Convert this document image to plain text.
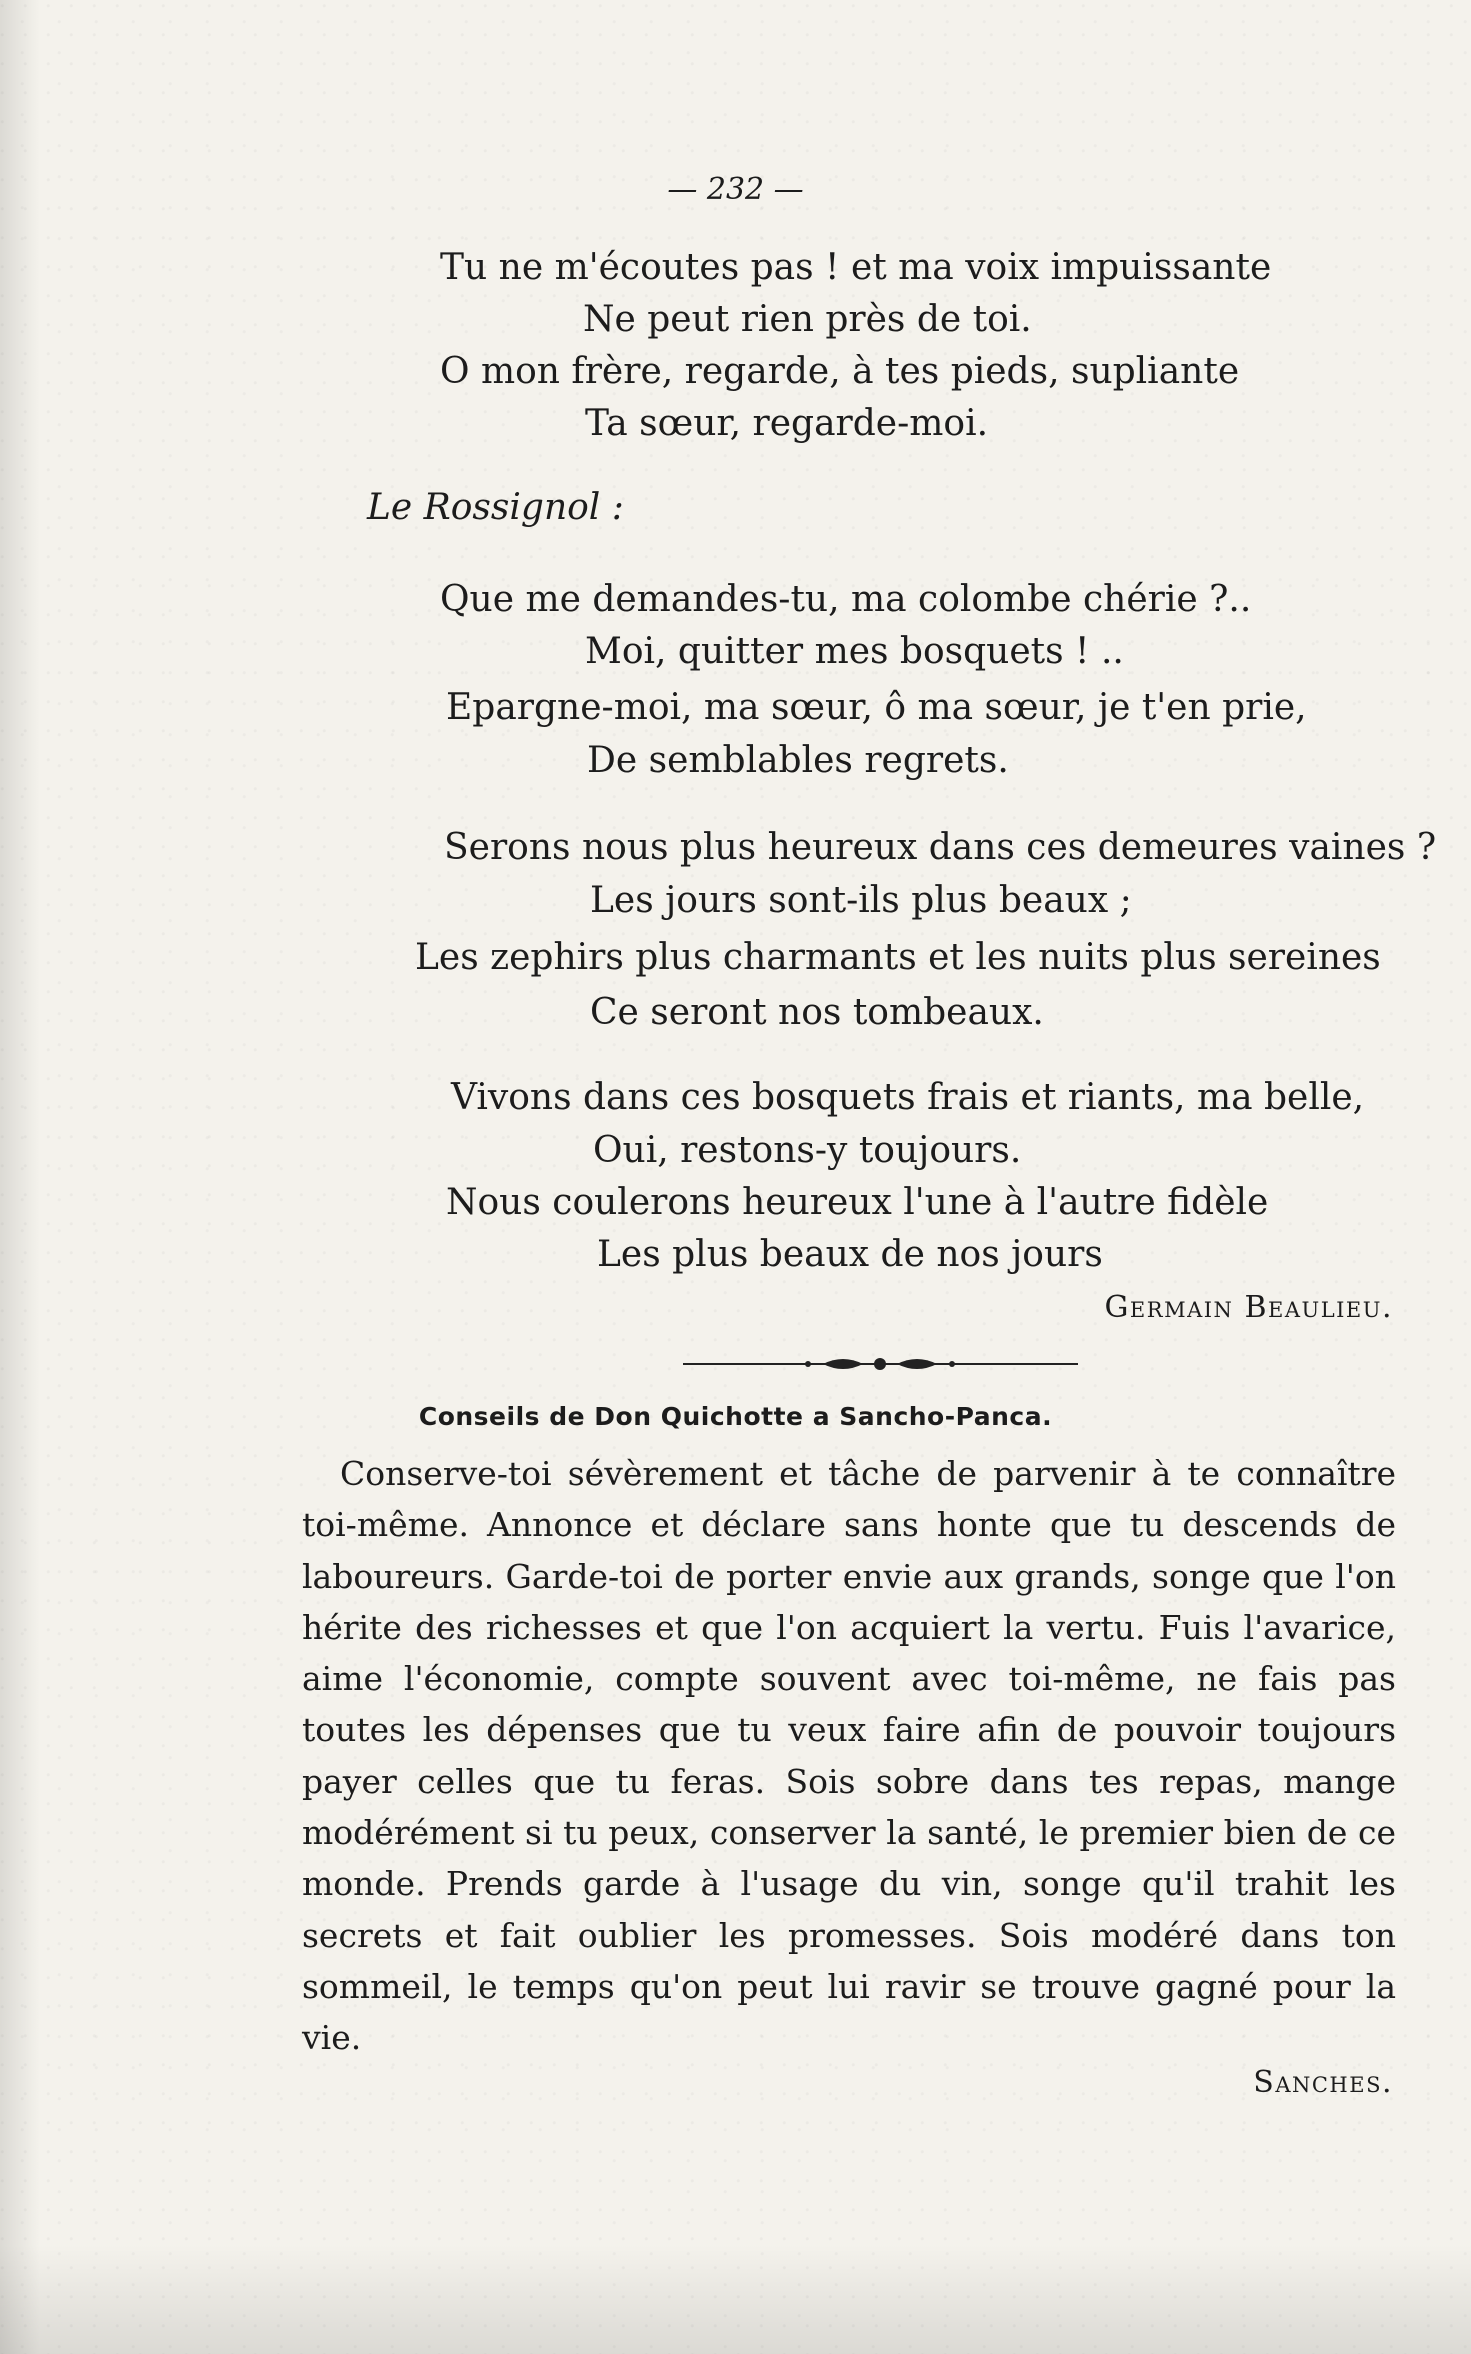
— 232 —
Tu ne m'écoutes pas ! et ma voix impuissante
Ne peut rien près de toi.
O mon frère, regarde, à tes pieds, supliante
Ta sœur, regarde-moi.
Le Rossignol :
Que me demandes-tu, ma colombe chérie ?..
Moi, quitter mes bosquets ! ..
Epargne-moi, ma sœur, ô ma sœur, je t'en prie,
De semblables regrets.
Serons nous plus heureux dans ces demeures vaines ?
Les jours sont-ils plus beaux ;
Les zephirs plus charmants et les nuits plus sereines
Ce seront nos tombeaux.
Vivons dans ces bosquets frais et riants, ma belle,
Oui, restons-y toujours.
Nous coulerons heureux l'une à l'autre fidèle
Les plus beaux de nos jours
Germain Beaulieu.
Conseils de Don Quichotte a Sancho-Panca.

Conserve-toi sévèrement et tâche de parvenir à te connaître toi-même. Annonce et déclare sans honte que tu descends de laboureurs. Garde-toi de porter envie aux grands, songe que l'on hérite des richesses et que l'on acquiert la vertu. Fuis l'avarice, aime l'économie, compte souvent avec toi-même, ne fais pas toutes les dépenses que tu veux faire afin de pouvoir toujours payer celles que tu feras. Sois sobre dans tes repas, mange modérément si tu peux, conserver la santé, le premier bien de ce monde. Prends garde à l'usage du vin, songe qu'il trahit les secrets et fait oublier les promesses. Sois modéré dans ton sommeil, le temps qu'on peut lui ravir se trouve gagné pour la vie.

Sanches.
